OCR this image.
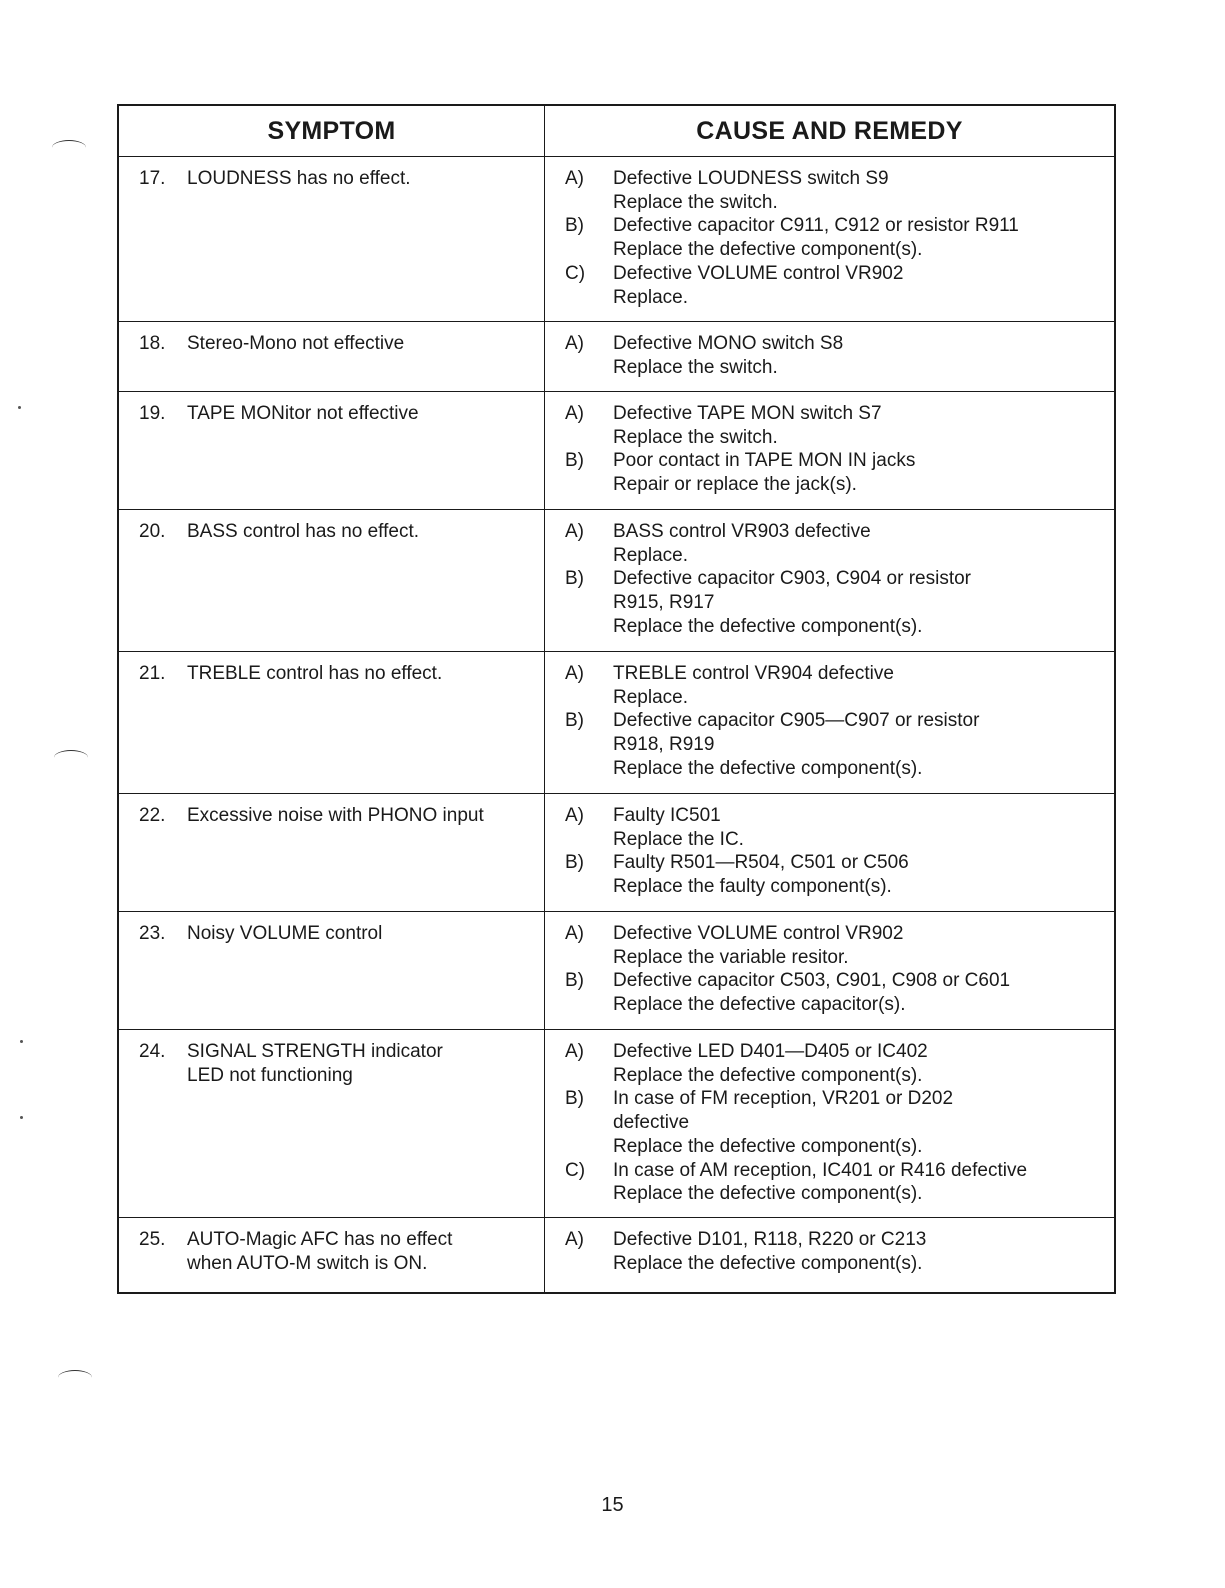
SYMPTOM	CAUSE AND REMEDY
17.	LOUDNESS has no effect.	A)	Defective LOUDNESS switch S9
Replace the switch.
B)	Defective capacitor C911, C912 or resistor R911
Replace the defective component(s).
C)	Defective VOLUME control VR902
Replace.
18.	Stereo-Mono not effective	A)	Defective MONO switch S8
Replace the switch.
19.	TAPE MONitor not effective	A)	Defective TAPE MON switch S7
Replace the switch.
B)	Poor contact in TAPE MON IN jacks
Repair or replace the jack(s).
20.	BASS control has no effect.	A)	BASS control VR903 defective
Replace.
B)	Defective capacitor C903, C904 or resistor
R915, R917
Replace the defective component(s).
21.	TREBLE control has no effect.	A)	TREBLE control VR904 defective
Replace.
B)	Defective capacitor C905—C907 or resistor
R918, R919
Replace the defective component(s).
22.	Excessive noise with PHONO input	A)	Faulty IC501
Replace the IC.
B)	Faulty R501—R504, C501 or C506
Replace the faulty component(s).
23.	Noisy VOLUME control	A)	Defective VOLUME control VR902
Replace the variable resitor.
B)	Defective capacitor C503, C901, C908 or C601
Replace the defective capacitor(s).
24.	SIGNAL STRENGTH indicator
LED not functioning
A)	Defective LED D401—D405 or IC402
Replace the defective component(s).
B)	In case of FM reception, VR201 or D202
defective
Replace the defective component(s).
C)	In case of AM reception, IC401 or R416 defective
Replace the defective component(s).
25.	AUTO-Magic AFC has no effect
when AUTO-M switch is ON.
A)	Defective D101, R118, R220 or C213
Replace the defective component(s).
15
